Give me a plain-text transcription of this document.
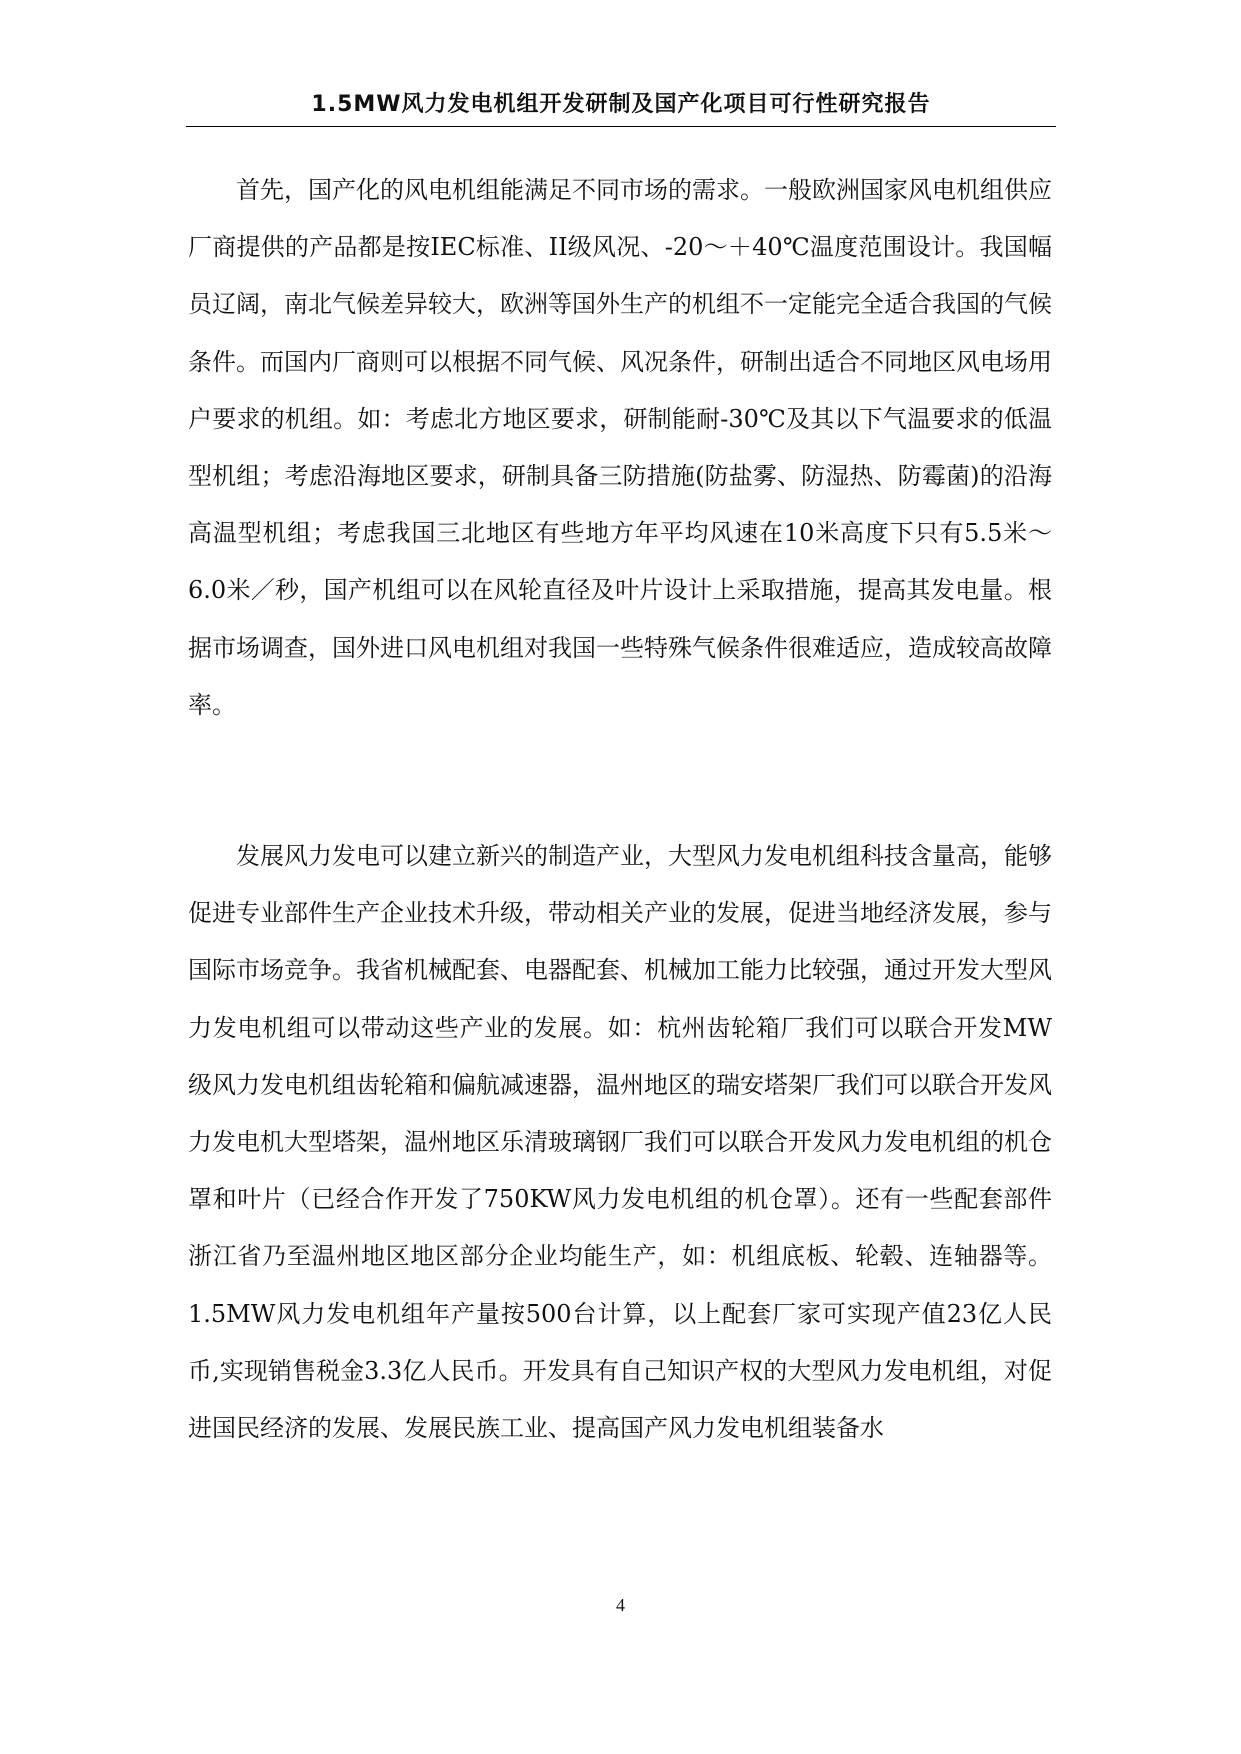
1.5MW风力发电机组开发研制及国产化项目可行性研究报告

首先，国产化的风电机组能满足不同市场的需求。一般欧洲国家风电机组供应厂商提供的产品都是按IEC标准、II级风况、-20～＋40℃温度范围设计。我国幅员辽阔，南北气候差异较大，欧洲等国外生产的机组不一定能完全适合我国的气候条件。而国内厂商则可以根据不同气候、风况条件，研制出适合不同地区风电场用户要求的机组。如：考虑北方地区要求，研制能耐-30℃及其以下气温要求的低温型机组；考虑沿海地区要求，研制具备三防措施(防盐雾、防湿热、防霉菌)的沿海高温型机组；考虑我国三北地区有些地方年平均风速在10米高度下只有5.5米～6.0米／秒，国产机组可以在风轮直径及叶片设计上采取措施，提高其发电量。根据市场调查，国外进口风电机组对我国一些特殊气候条件很难适应，造成较高故障率。

发展风力发电可以建立新兴的制造产业，大型风力发电机组科技含量高，能够促进专业部件生产企业技术升级，带动相关产业的发展，促进当地经济发展，参与国际市场竞争。我省机械配套、电器配套、机械加工能力比较强，通过开发大型风力发电机组可以带动这些产业的发展。如：杭州齿轮箱厂我们可以联合开发MW级风力发电机组齿轮箱和偏航减速器，温州地区的瑞安塔架厂我们可以联合开发风力发电机大型塔架，温州地区乐清玻璃钢厂我们可以联合开发风力发电机组的机仓罩和叶片（已经合作开发了750KW风力发电机组的机仓罩）。还有一些配套部件浙江省乃至温州地区地区部分企业均能生产，如：机组底板、轮毂、连轴器等。1.5MW风力发电机组年产量按500台计算，以上配套厂家可实现产值23亿人民币,实现销售税金3.3亿人民币。开发具有自己知识产权的大型风力发电机组，对促进国民经济的发展、发展民族工业、提高国产风力发电机组装备水

4
